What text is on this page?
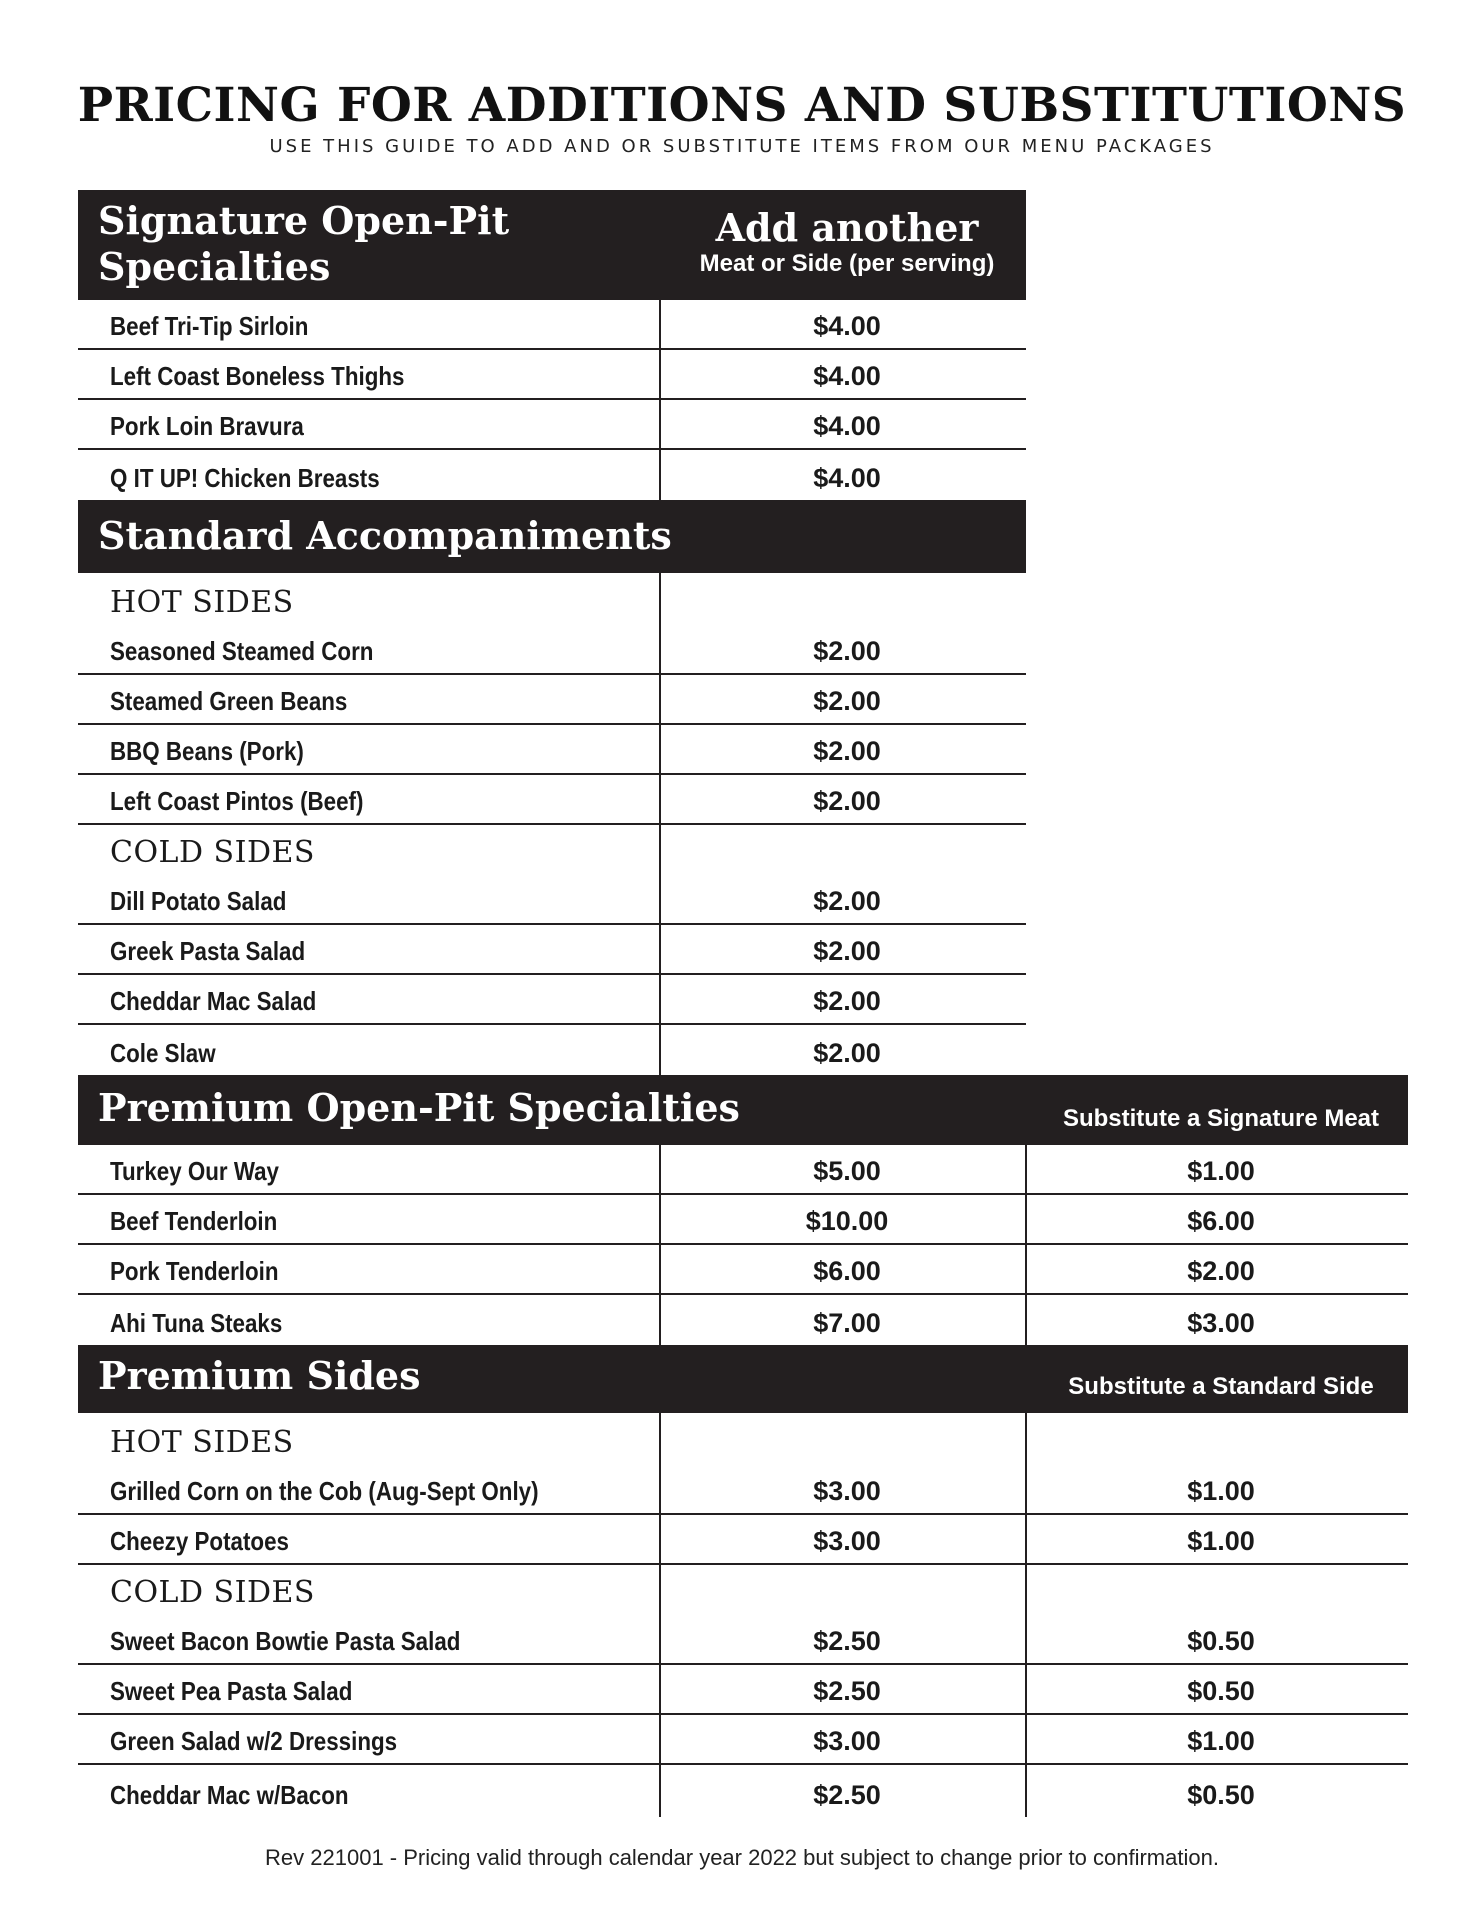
PRICING FOR ADDITIONS AND SUBSTITUTIONS
USE THIS GUIDE TO ADD AND OR SUBSTITUTE ITEMS FROM OUR MENU PACKAGES
Signature Open-Pit
Specialties
Add another
Meat or Side (per serving)
Beef Tri-Tip Sirloin	$4.00
Left Coast Boneless Thighs	$4.00
Pork Loin Bravura	$4.00
Q IT UP! Chicken Breasts	$4.00
Standard Accompaniments
HOT SIDES
Seasoned Steamed Corn	$2.00
Steamed Green Beans	$2.00
BBQ Beans (Pork)	$2.00
Left Coast Pintos (Beef)	$2.00
COLD SIDES
Dill Potato Salad	$2.00
Greek Pasta Salad	$2.00
Cheddar Mac Salad	$2.00
Cole Slaw	$2.00
Premium Open-Pit Specialties	Substitute a Signature Meat
Turkey Our Way	$5.00	$1.00
Beef Tenderloin	$10.00	$6.00
Pork Tenderloin	$6.00	$2.00
Ahi Tuna Steaks	$7.00	$3.00
Premium Sides	Substitute a Standard Side
HOT SIDES
Grilled Corn on the Cob (Aug-Sept Only)	$3.00	$1.00
Cheezy Potatoes	$3.00	$1.00
COLD SIDES
Sweet Bacon Bowtie Pasta Salad	$2.50	$0.50
Sweet Pea Pasta Salad	$2.50	$0.50
Green Salad w/2 Dressings	$3.00	$1.00
Cheddar Mac w/Bacon	$2.50	$0.50
Rev 221001 - Pricing valid through calendar year 2022 but subject to change prior to confirmation.
